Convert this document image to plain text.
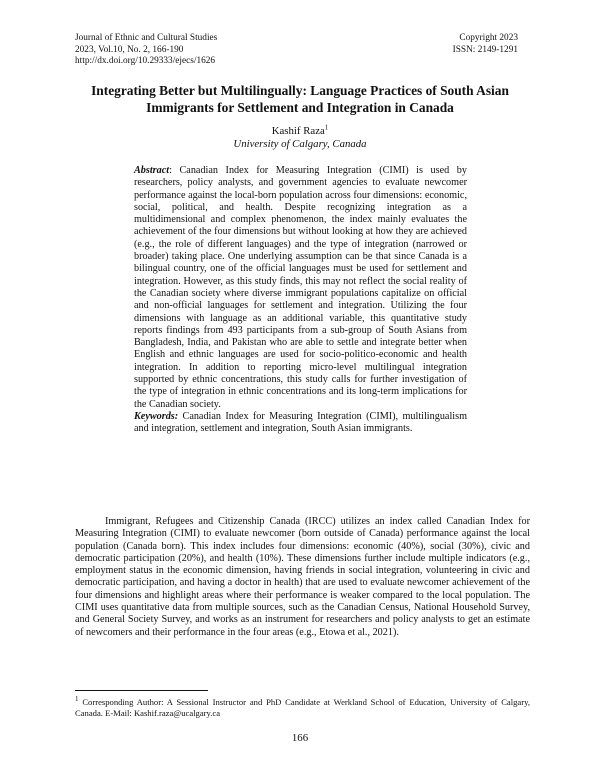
Journal of Ethnic and Cultural Studies
2023, Vol.10, No. 2, 166-190
http://dx.doi.org/10.29333/ejecs/1626
Copyright 2023
ISSN: 2149-1291
Integrating Better but Multilingually: Language Practices of South Asian Immigrants for Settlement and Integration in Canada
Kashif Raza$^1$
University of Calgary, Canada

Abstract: Canadian Index for Measuring Integration (CIMI) is used by researchers, policy analysts, and government agencies to evaluate newcomer performance against the local-born population across four dimensions: economic, social, political, and health. Despite recognizing integration as a multidimensional and complex phenomenon, the index mainly evaluates the achievement of the four dimensions but without looking at how they are achieved (e.g., the role of different languages) and the type of integration (narrowed or broader) taking place. One underlying assumption can be that since Canada is a bilingual country, one of the official languages must be used for settlement and integration. However, as this study finds, this may not reflect the social reality of the Canadian society where diverse immigrant populations capitalize on official and non-official languages for settlement and integration. Utilizing the four dimensions with language as an additional variable, this quantitative study reports findings from 493 participants from a sub-group of South Asians from Bangladesh, India, and Pakistan who are able to settle and integrate better when English and ethnic languages are used for socio-politico-economic and health integration. In addition to reporting micro-level multilingual integration supported by ethnic concentrations, this study calls for further investigation of the type of integration in ethnic concentrations and its long-term implications for the Canadian society.

Keywords: Canadian Index for Measuring Integration (CIMI), multilingualism and integration, settlement and integration, South Asian immigrants.

Immigrant, Refugees and Citizenship Canada (IRCC) utilizes an index called Canadian Index for Measuring Integration (CIMI) to evaluate newcomer (born outside of Canada) performance against the local population (Canada born). This index includes four dimensions: economic (40%), social (30%), civic and democratic participation (20%), and health (10%). These dimensions further include multiple indicators (e.g., employment status in the economic dimension, having friends in social integration, volunteering in civic and democratic participation, and having a doctor in health) that are used to evaluate newcomer achievement of the four dimensions and highlight areas where their performance is weaker compared to the local population. The CIMI uses quantitative data from multiple sources, such as the Canadian Census, National Household Survey, and General Society Survey, and works as an instrument for researchers and policy analysts to get an estimate of newcomers and their performance in the four areas (e.g., Etowa et al., 2021).

$^1$ Corresponding Author: A Sessional Instructor and PhD Candidate at Werkland School of Education, University of Calgary, Canada. E-Mail: Kashif.raza@ucalgary.ca
166
